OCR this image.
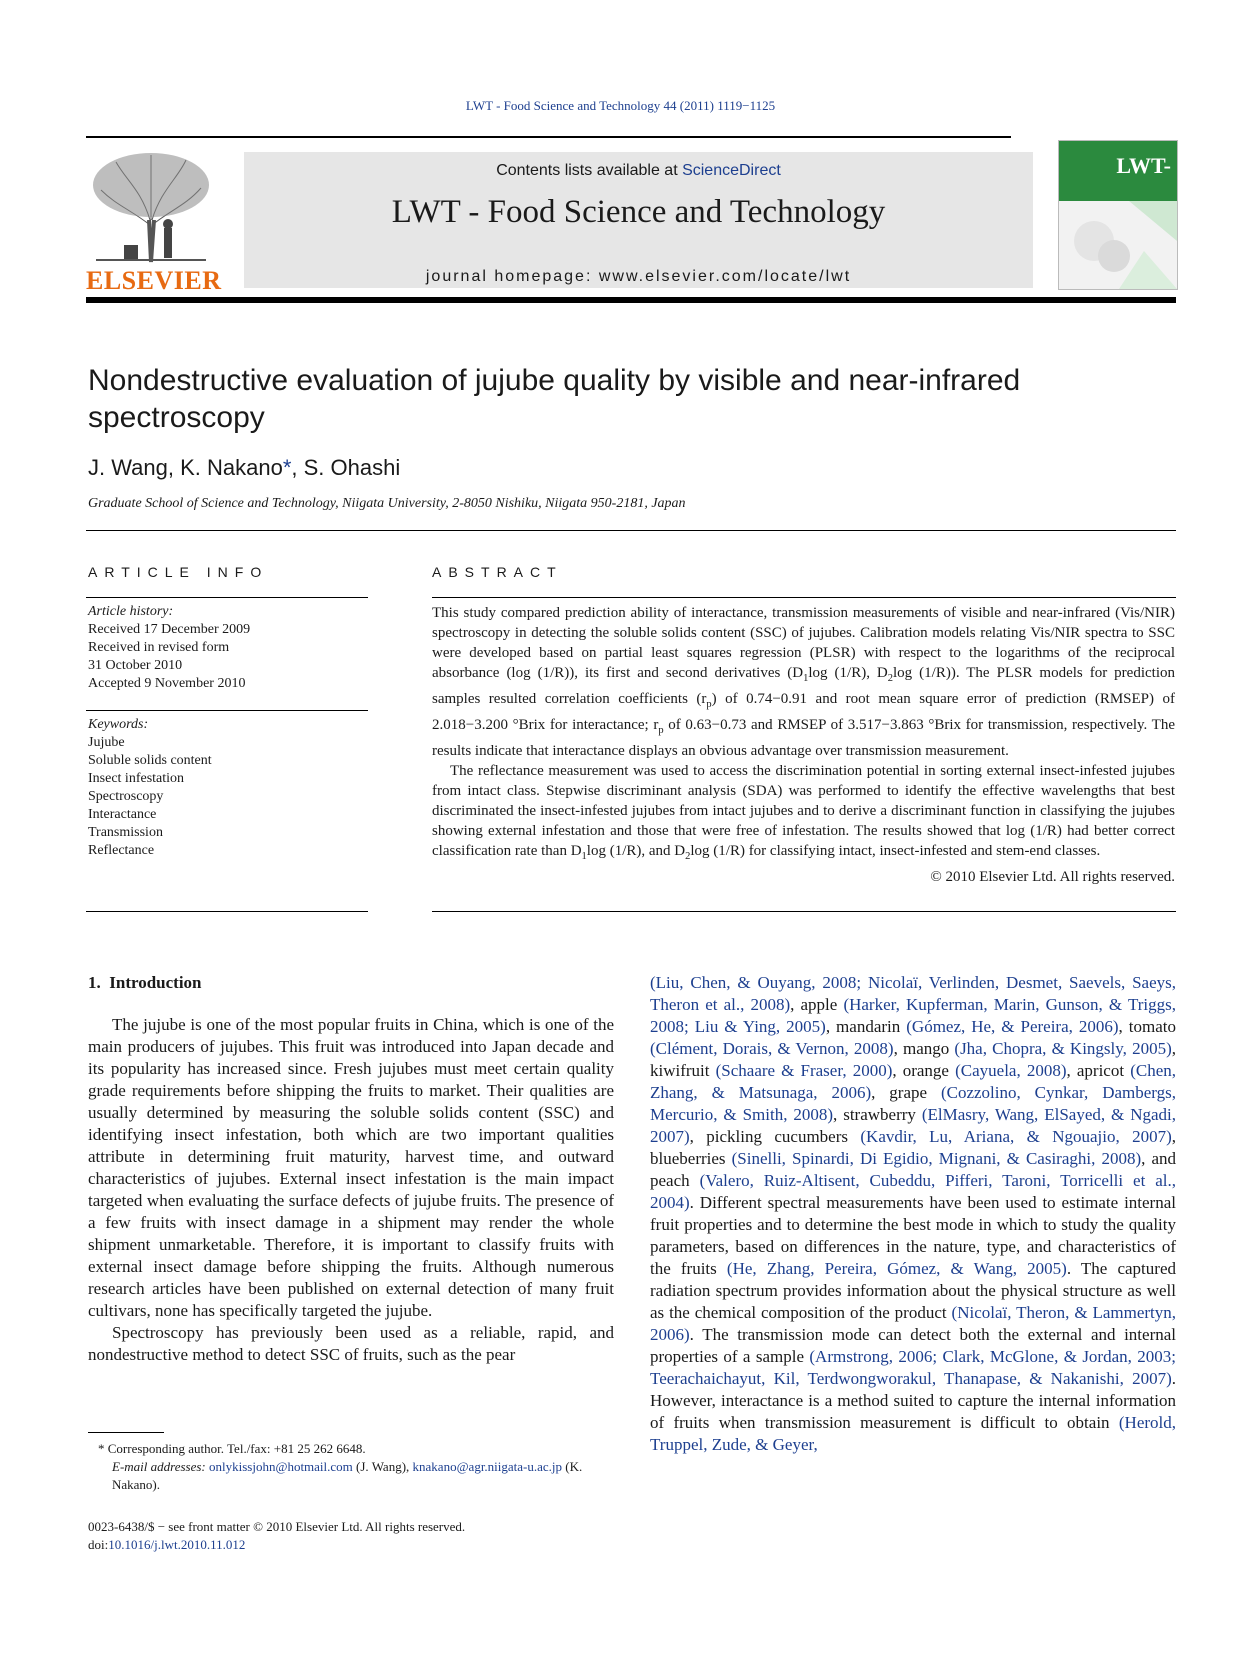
LWT - Food Science and Technology 44 (2011) 1119−1125
ELSEVIER
Contents lists available at ScienceDirect
LWT - Food Science and Technology
journal homepage: www.elsevier.com/locate/lwt
LWT-
Nondestructive evaluation of jujube quality by visible and near-infrared spectroscopy
J. Wang, K. Nakano*, S. Ohashi
Graduate School of Science and Technology, Niigata University, 2-8050 Nishiku, Niigata 950-2181, Japan
ARTICLE INFO
Article history:
Received 17 December 2009
Received in revised form
31 October 2010
Accepted 9 November 2010
Keywords:
Jujube
Soluble solids content
Insect infestation
Spectroscopy
Interactance
Transmission
Reflectance
ABSTRACT

This study compared prediction ability of interactance, transmission measurements of visible and near-infrared (Vis/NIR) spectroscopy in detecting the soluble solids content (SSC) of jujubes. Calibration models relating Vis/NIR spectra to SSC were developed based on partial least squares regression (PLSR) with respect to the logarithms of the reciprocal absorbance (log (1/R)), its first and second derivatives ($D_1\log$ (1/R), $D_2\log$ (1/R)). The PLSR models for prediction samples resulted correlation coefficients $(r_p)$ of 0.74−0.91 and root mean square error of prediction (RMSEP) of 2.018−3.200 °Brix for interactance; $r_p$ of 0.63−0.73 and RMSEP of 3.517−3.863 °Brix for transmission, respectively. The results indicate that interactance displays an obvious advantage over transmission measurement.

The reflectance measurement was used to access the discrimination potential in sorting external insect-infested jujubes from intact class. Stepwise discriminant analysis (SDA) was performed to identify the effective wavelengths that best discriminated the insect-infested jujubes from intact jujubes and to derive a discriminant function in classifying the jujubes showing external infestation and those that were free of infestation. The results showed that log (1/R) had better correct classification rate than $D_1\log$ (1/R), and $D_2\log$ (1/R) for classifying intact, insect-infested and stem-end classes.

© 2010 Elsevier Ltd. All rights reserved.

1. Introduction

The jujube is one of the most popular fruits in China, which is one of the main producers of jujubes. This fruit was introduced into Japan decade and its popularity has increased since. Fresh jujubes must meet certain quality grade requirements before shipping the fruits to market. Their qualities are usually determined by measuring the soluble solids content (SSC) and identifying insect infestation, both which are two important qualities attribute in determining fruit maturity, harvest time, and outward characteristics of jujubes. External insect infestation is the main impact targeted when evaluating the surface defects of jujube fruits. The presence of a few fruits with insect damage in a shipment may render the whole shipment unmarketable. Therefore, it is important to classify fruits with external insect damage before shipping the fruits. Although numerous research articles have been published on external detection of many fruit cultivars, none has specifically targeted the jujube.

Spectroscopy has previously been used as a reliable, rapid, and nondestructive method to detect SSC of fruits, such as the pear

(Liu, Chen, & Ouyang, 2008; Nicolaï, Verlinden, Desmet, Saevels, Saeys, Theron et al., 2008), apple (Harker, Kupferman, Marin, Gunson, & Triggs, 2008; Liu & Ying, 2005), mandarin (Gómez, He, & Pereira, 2006), tomato (Clément, Dorais, & Vernon, 2008), mango (Jha, Chopra, & Kingsly, 2005), kiwifruit (Schaare & Fraser, 2000), orange (Cayuela, 2008), apricot (Chen, Zhang, & Matsunaga, 2006), grape (Cozzolino, Cynkar, Dambergs, Mercurio, & Smith, 2008), strawberry (ElMasry, Wang, ElSayed, & Ngadi, 2007), pickling cucumbers (Kavdir, Lu, Ariana, & Ngouajio, 2007), blueberries (Sinelli, Spinardi, Di Egidio, Mignani, & Casiraghi, 2008), and peach (Valero, Ruiz-Altisent, Cubeddu, Pifferi, Taroni, Torricelli et al., 2004). Different spectral measurements have been used to estimate internal fruit properties and to determine the best mode in which to study the quality parameters, based on differences in the nature, type, and characteristics of the fruits (He, Zhang, Pereira, Gómez, & Wang, 2005). The captured radiation spectrum provides information about the physical structure as well as the chemical composition of the product (Nicolaï, Theron, & Lammertyn, 2006). The transmission mode can detect both the external and internal properties of a sample (Armstrong, 2006; Clark, McGlone, & Jordan, 2003; Teerachaichayut, Kil, Terdwongworakul, Thanapase, & Nakanishi, 2007). However, interactance is a method suited to capture the internal information of fruits when transmission measurement is difficult to obtain (Herold, Truppel, Zude, & Geyer,

* Corresponding author. Tel./fax: +81 25 262 6648.
E-mail addresses: onlykissjohn@hotmail.com (J. Wang), knakano@agr.niigata-u.ac.jp (K. Nakano).
0023-6438/$ − see front matter © 2010 Elsevier Ltd. All rights reserved.
doi:10.1016/j.lwt.2010.11.012
